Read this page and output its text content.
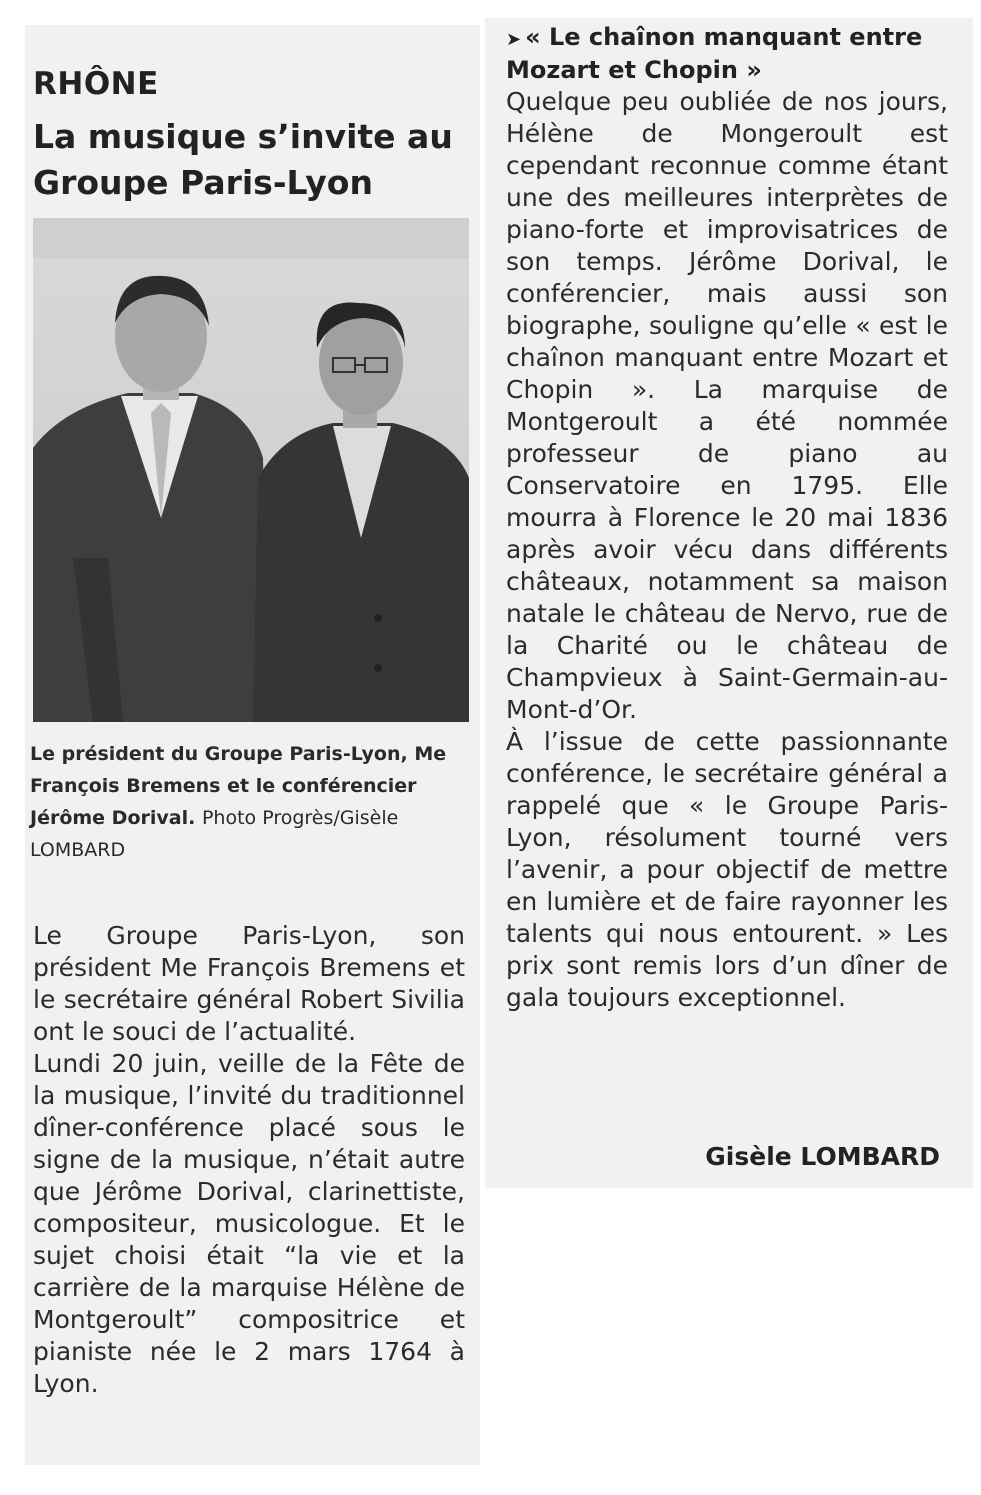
RHÔNE
La musique s’invite au Groupe Paris-Lyon
Le président du Groupe Paris-Lyon, Me François Bremens et le conférencier Jérôme Dorival. Photo Progrès/Gisèle LOMBARD

Le Groupe Paris-Lyon, son président Me François Bremens et le secrétaire général Robert Sivilia ont le souci de l’actualité.

Lundi 20 juin, veille de la Fête de la musique, l’invité du traditionnel dîner-conférence placé sous le signe de la musique, n’était autre que Jérôme Dorival, clarinettiste, compositeur, musicologue. Et le sujet choisi était “la vie et la carrière de la marquise Hélène de Montgeroult” compositrice et pianiste née le 2 mars 1764 à Lyon.

➤ « Le chaînon manquant entre Mozart et Chopin »

Quelque peu oubliée de nos jours, Hélène de Mongeroult est cependant reconnue comme étant une des meilleures interprètes de piano-forte et improvisatrices de son temps. Jérôme Dorival, le conférencier, mais aussi son biographe, souligne qu’elle « est le chaînon manquant entre Mozart et Chopin ». La marquise de Montgeroult a été nommée professeur de piano au Conservatoire en 1795. Elle mourra à Florence le 20 mai 1836 après avoir vécu dans différents châteaux, notamment sa maison natale le château de Nervo, rue de la Charité ou le château de Champvieux à Saint-Germain-au-Mont-d’Or.

À l’issue de cette passionnante conférence, le secrétaire général a rappelé que « le Groupe Paris-Lyon, résolument tourné vers l’avenir, a pour objectif de mettre en lumière et de faire rayonner les talents qui nous entourent. » Les prix sont remis lors d’un dîner de gala toujours exceptionnel.

Gisèle LOMBARD
